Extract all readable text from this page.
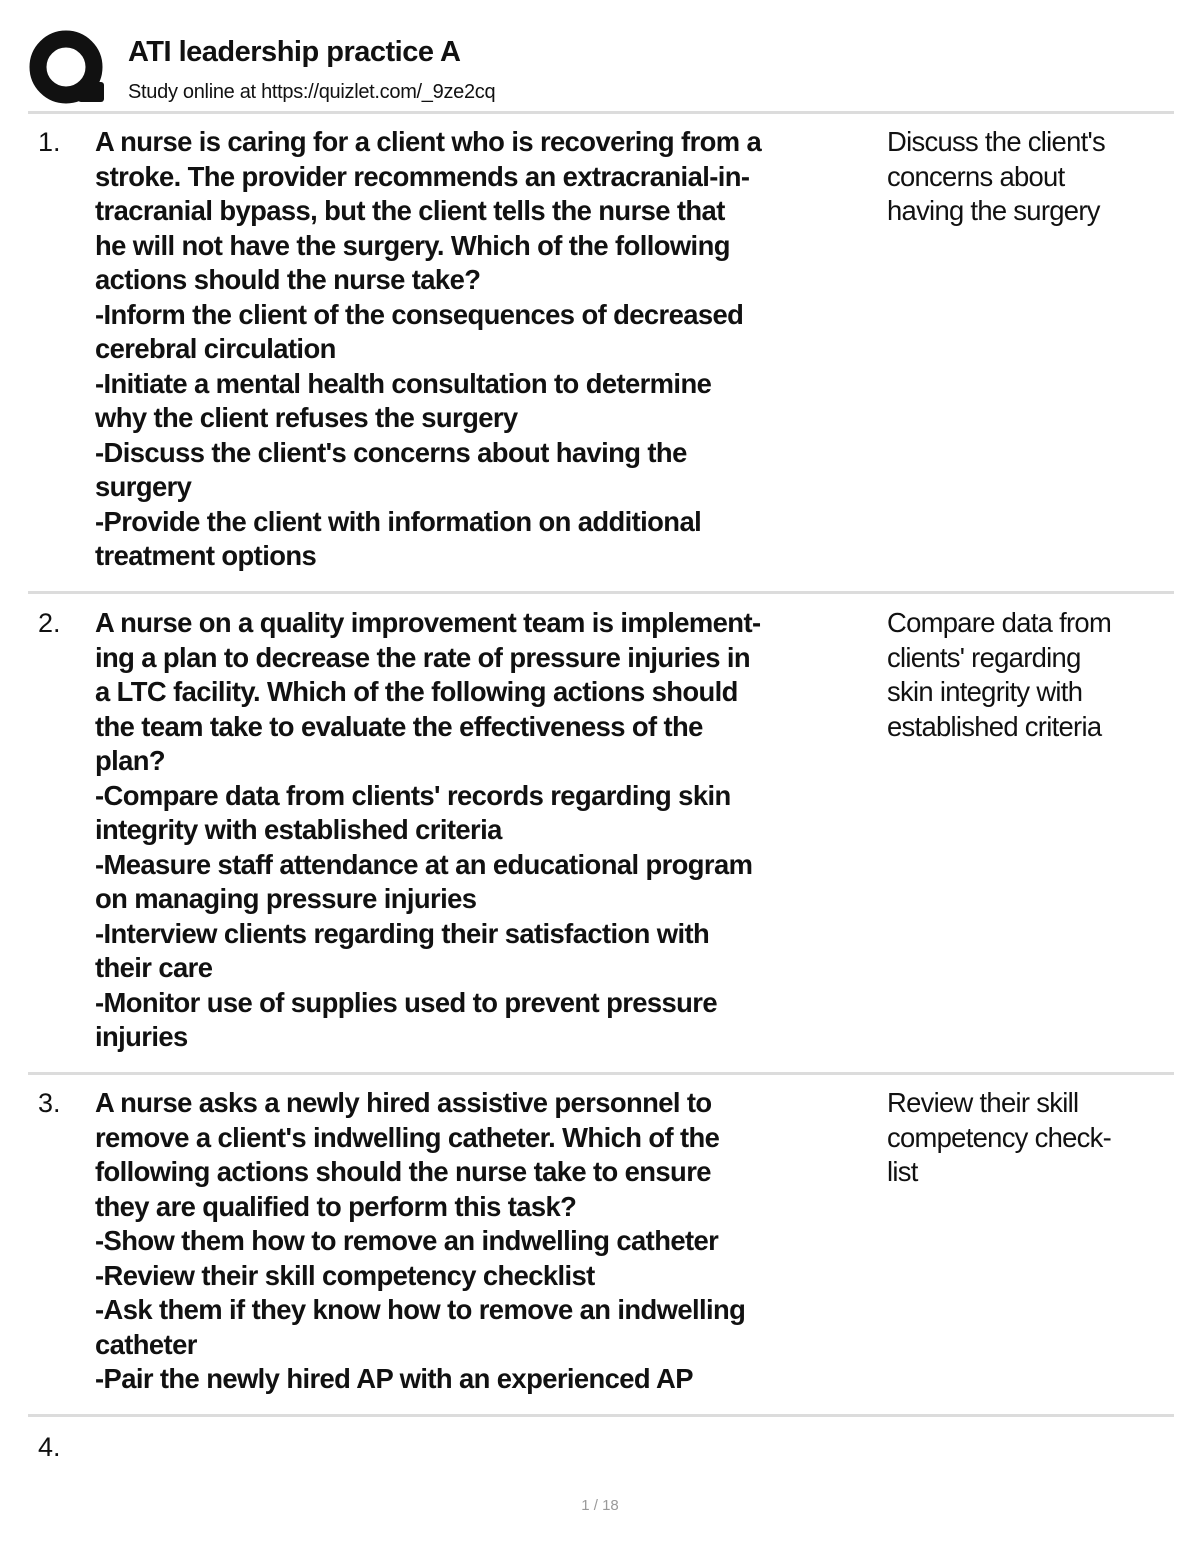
ATI leadership practice A
Study online at https://quizlet.com/_9ze2cq
1. A nurse is caring for a client who is recovering from a
stroke. The provider recommends an extracranial-in-
tracranial bypass, but the client tells the nurse that
he will not have the surgery. Which of the following
actions should the nurse take?
-Inform the client of the consequences of decreased
cerebral circulation
-Initiate a mental health consultation to determine
why the client refuses the surgery
-Discuss the client's concerns about having the
surgery
-Provide the client with information on additional
treatment options
Discuss the client's
concerns about
having the surgery
2. A nurse on a quality improvement team is implement-
ing a plan to decrease the rate of pressure injuries in
a LTC facility. Which of the following actions should
the team take to evaluate the effectiveness of the
plan?
-Compare data from clients' records regarding skin
integrity with established criteria
-Measure staff attendance at an educational program
on managing pressure injuries
-Interview clients regarding their satisfaction with
their care
-Monitor use of supplies used to prevent pressure
injuries
Compare data from
clients' regarding
skin integrity with
established criteria
3. A nurse asks a newly hired assistive personnel to
remove a client's indwelling catheter. Which of the
following actions should the nurse take to ensure
they are qualified to perform this task?
-Show them how to remove an indwelling catheter
-Review their skill competency checklist
-Ask them if they know how to remove an indwelling
catheter
-Pair the newly hired AP with an experienced AP
Review their skill
competency check-
list
4.
1 / 18
